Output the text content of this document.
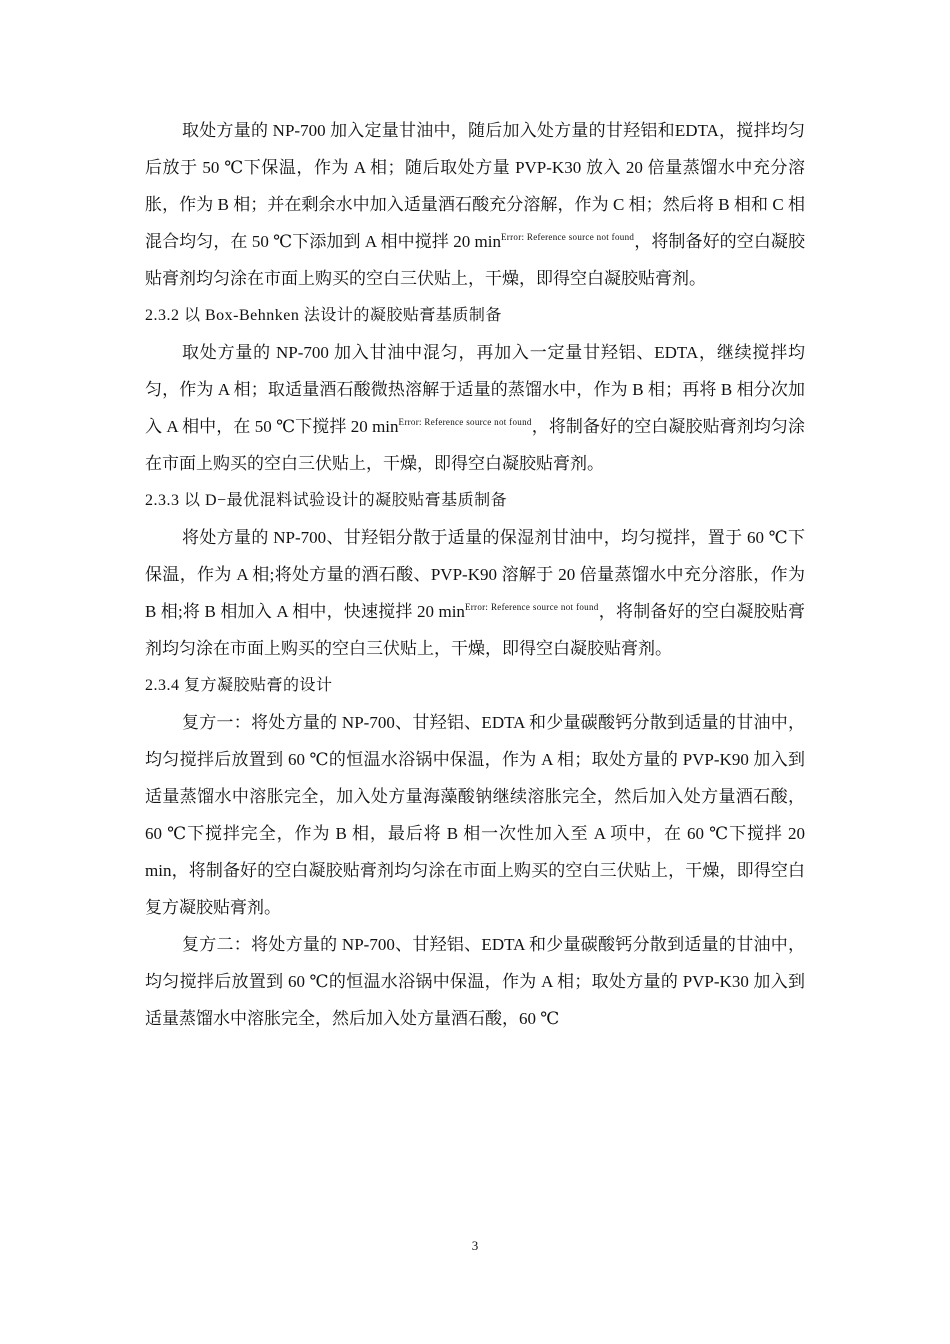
取处方量的 NP-700 加入定量甘油中，随后加入处方量的甘羟铝和EDTA，搅拌均匀后放于 50 ℃下保温，作为 A 相；随后取处方量 PVP-K30 放入 20 倍量蒸馏水中充分溶胀，作为 B 相；并在剩余水中加入适量酒石酸充分溶解，作为 C 相；然后将 B 相和 C 相混合均匀，在 50 ℃下添加到 A 相中搅拌 20 min$^{Error: Reference source not found}$，将制备好的空白凝胶贴膏剂均匀涂在市面上购买的空白三伏贴上，干燥，即得空白凝胶贴膏剂。

2.3.2 以 Box-Behnken 法设计的凝胶贴膏基质制备

取处方量的 NP-700 加入甘油中混匀，再加入一定量甘羟铝、EDTA，继续搅拌均匀，作为 A 相；取适量酒石酸微热溶解于适量的蒸馏水中，作为 B 相；再将 B 相分次加入 A 相中，在 50 ℃下搅拌 20 min$^{Error: Reference source not found}$，将制备好的空白凝胶贴膏剂均匀涂在市面上购买的空白三伏贴上，干燥，即得空白凝胶贴膏剂。

2.3.3 以 D−最优混料试验设计的凝胶贴膏基质制备

将处方量的 NP-700、甘羟铝分散于适量的保湿剂甘油中，均匀搅拌，置于 60 ℃下保温，作为 A 相;将处方量的酒石酸、PVP-K90 溶解于 20 倍量蒸馏水中充分溶胀，作为 B 相;将 B 相加入 A 相中，快速搅拌 20 min$^{Error: Reference source not found}$，将制备好的空白凝胶贴膏剂均匀涂在市面上购买的空白三伏贴上，干燥，即得空白凝胶贴膏剂。

2.3.4 复方凝胶贴膏的设计

复方一：将处方量的 NP-700、甘羟铝、EDTA 和少量碳酸钙分散到适量的甘油中，均匀搅拌后放置到 60 ℃的恒温水浴锅中保温，作为 A 相；取处方量的 PVP-K90 加入到适量蒸馏水中溶胀完全，加入处方量海藻酸钠继续溶胀完全，然后加入处方量酒石酸，60 ℃下搅拌完全，作为 B 相，最后将 B 相一次性加入至 A 项中，在 60 ℃下搅拌 20 min，将制备好的空白凝胶贴膏剂均匀涂在市面上购买的空白三伏贴上，干燥，即得空白复方凝胶贴膏剂。

复方二：将处方量的 NP-700、甘羟铝、EDTA 和少量碳酸钙分散到适量的甘油中，均匀搅拌后放置到 60 ℃的恒温水浴锅中保温，作为 A 相；取处方量的 PVP-K30 加入到适量蒸馏水中溶胀完全，然后加入处方量酒石酸，60 ℃

3
